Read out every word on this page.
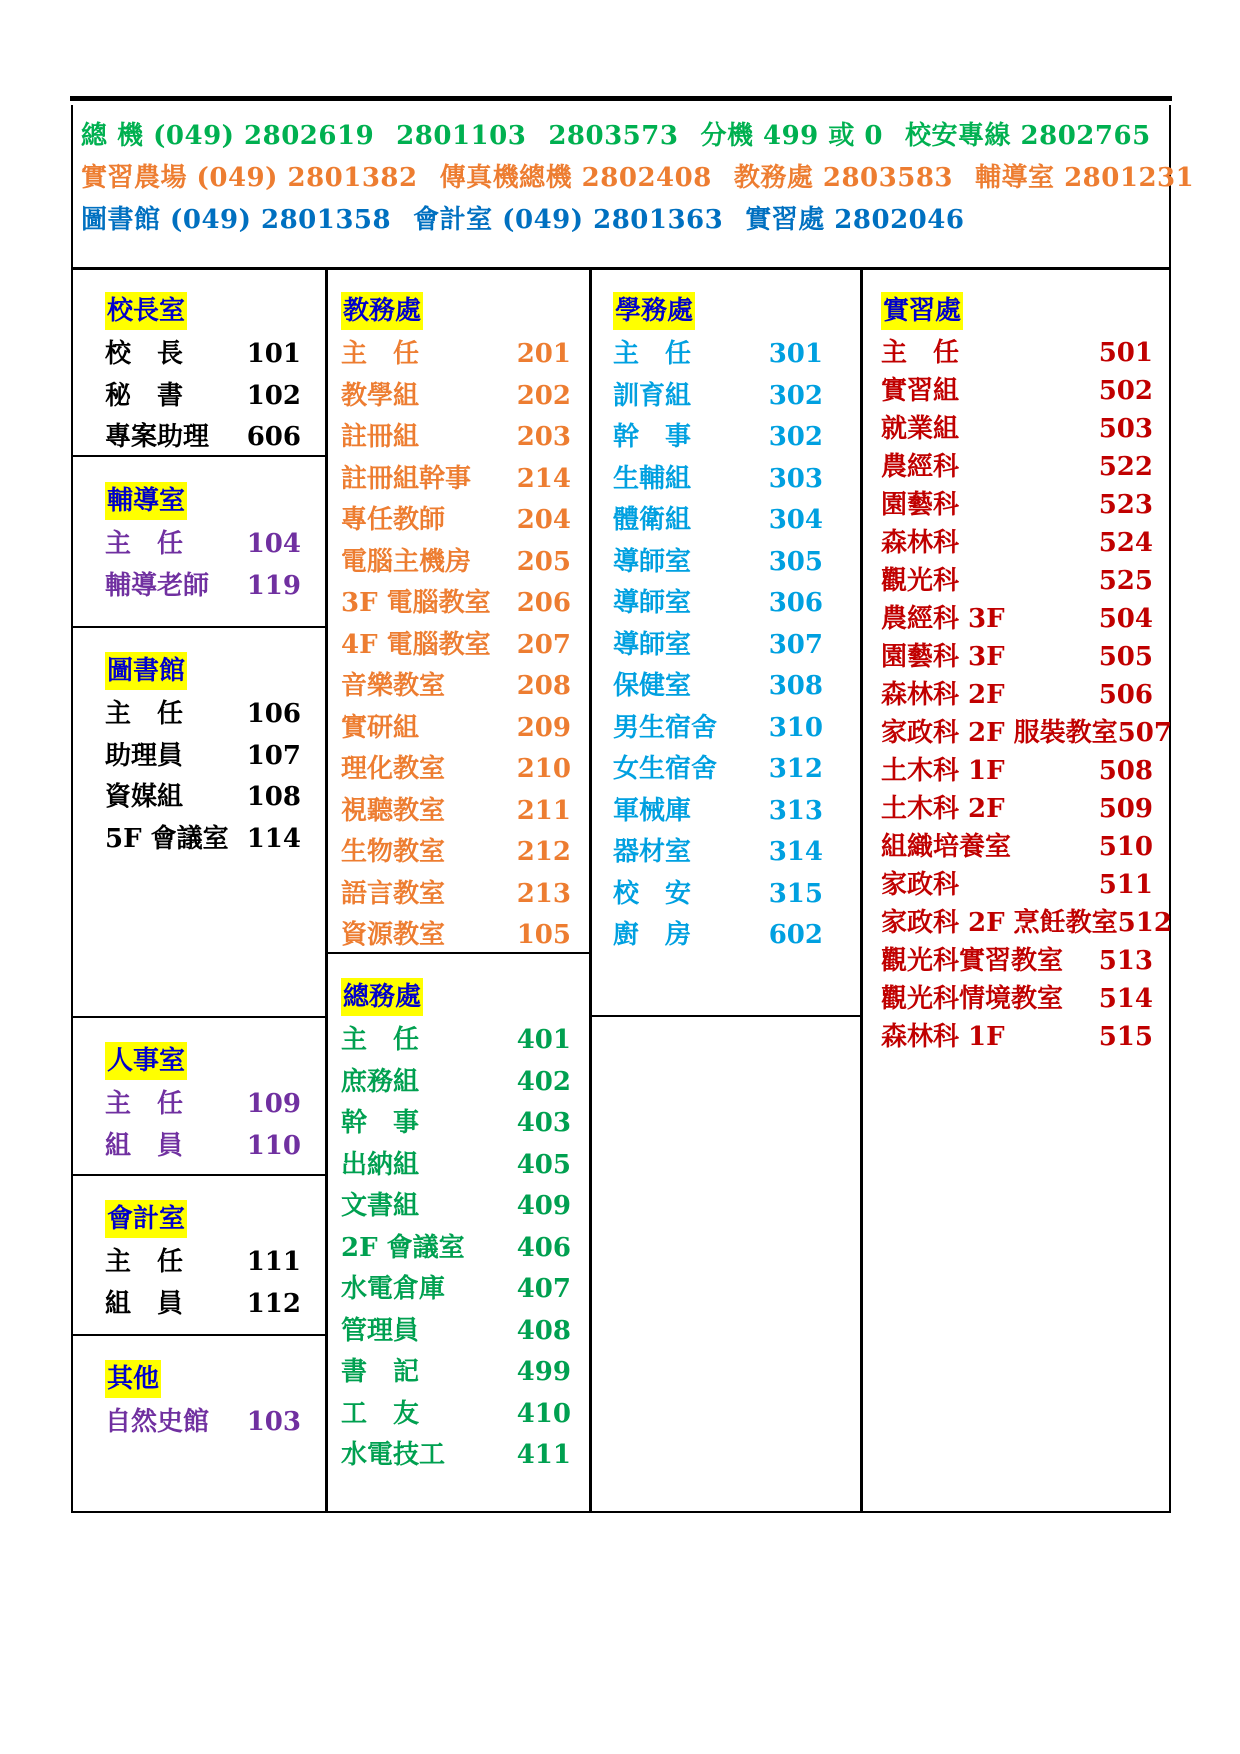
總 機 (049) 2802619 2801103 2803573 分機 499 或 0 校安專線 2802765
實習農場 (049) 2801382 傳真機總機 2802408 教務處 2803583 輔導室 2801231
圖書館 (049) 2801358 會計室 (049) 2801363 實習處 2802046
校長室
校　長 101
秘　書 102
專案助理 606
輔導室
主　任 104
輔導老師 119
圖書館
主　任 106
助理員 107
資媒組 108
5F 會議室 114
人事室
主　任 109
組　員 110
會計室
主　任 111
組　員 112
其他
自然史館 103
教務處
主　任	201
教學組	202
註冊組	203
註冊組幹事 214
專任教師	204
電腦主機房 205
3F 電腦教室 206
4F 電腦教室 207
音樂教室	208
實研組	209
理化教室	210
視聽教室	211
生物教室	212
語言教室	213
資源教室	105
總務處
主　任	401
庶務組	402
幹　事	403
出納組	405
文書組	409
2F 會議室 406
水電倉庫	407
管理員	408
書　記	499
工　友	410
水電技工	411
學務處
主　任	301
訓育組	302
幹　事	302
生輔組	303
體衛組	304
導師室	305
導師室	306
導師室	307
保健室	308
男生宿舍 310
女生宿舍 312
軍械庫	313
器材室	314
校　安	315
廚　房	602
實習處
主　任	501
實習組	502
就業組	503
農經科	522
園藝科	523
森林科	524
觀光科	525
農經科 3F	504
園藝科 3F	505
森林科 2F	506
家政科 2F 服裝教室 507
土木科 1F	508
土木科 2F	509
組織培養室	510
家政科	511
家政科 2F 烹飪教室 512
觀光科實習教室 513
觀光科情境教室 514
森林科 1F	515
